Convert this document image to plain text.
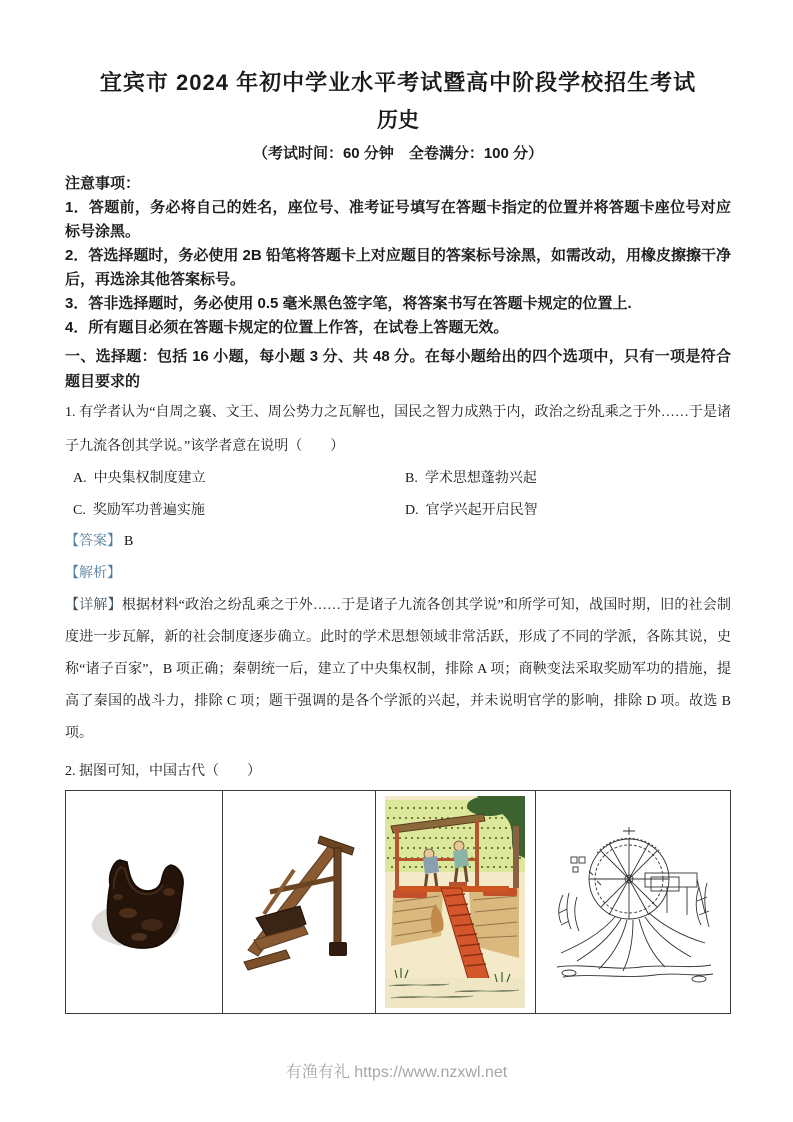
宜宾市 2024 年初中学业水平考试暨高中阶段学校招生考试
历史
（考试时间：60 分钟　全卷满分：100 分）
注意事项：
1．答题前，务必将自己的姓名，座位号、准考证号填写在答题卡指定的位置并将答题卡座位号对应标号涂黑。
2．答选择题时，务必使用 2B 铅笔将答题卡上对应题目的答案标号涂黑，如需改动，用橡皮擦擦干净后，再选涂其他答案标号。
3．答非选择题时，务必使用 0.5 毫米黑色签字笔，将答案书写在答题卡规定的位置上.
4．所有题目必须在答题卡规定的位置上作答，在试卷上答题无效。
一、选择题：包括 16 小题，每小题 3 分、共 48 分。在每小题给出的四个选项中，只有一项是符合题目要求的
1. 有学者认为“自周之襄、文王、周公势力之瓦解也，国民之智力成熟于内，政治之纷乱乘之于外……于是诸子九流各创其学说。”该学者意在说明（　　）
A. 中央集权制度建立	B. 学术思想蓬勃兴起
C. 奖励军功普遍实施	D. 官学兴起开启民智
【答案】 B
【解析】
【详解】根据材料“政治之纷乱乘之于外……于是诸子九流各创其学说”和所学可知，战国时期，旧的社会制度进一步瓦解，新的社会制度逐步确立。此时的学术思想领域非常活跃，形成了不同的学派，各陈其说，史称“诸子百家”，B 项正确；秦朝统一后，建立了中央集权制，排除 A 项；商鞅变法采取奖励军功的措施，提高了秦国的战斗力，排除 C 项；题干强调的是各个学派的兴起，并未说明官学的影响，排除 D 项。故选 B 项。
2. 据图可知，中国古代（　　）

有渔有礼 https://www.nzxwl.net
